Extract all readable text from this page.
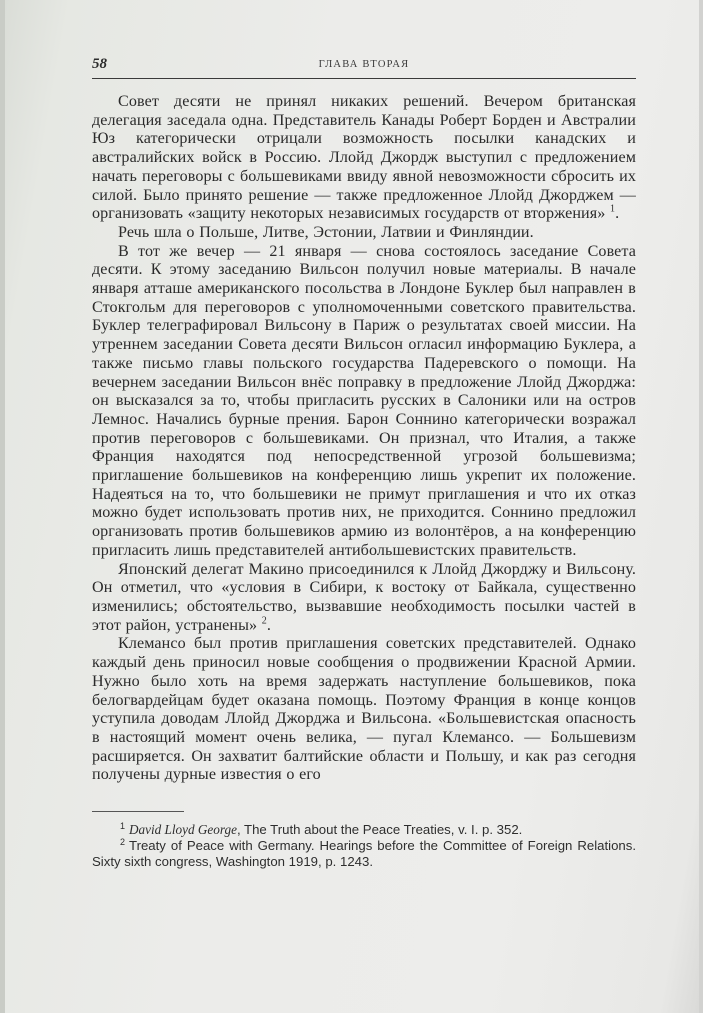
58	ГЛАВА ВТОРАЯ

Совет десяти не принял никаких решений. Вечером британская делегация заседала одна. Представитель Канады Роберт Борден и Австралии Юз категорически отрицали возможность посылки канадских и австралийских войск в Россию. Ллойд Джордж выступил с предложением начать переговоры с большевиками ввиду явной невозможности сбросить их силой. Было принято решение — также предложенное Ллойд Джорджем — организовать «защиту некоторых независимых государств от вторжения» $^1$.

Речь шла о Польше, Литве, Эстонии, Латвии и Финляндии.

В тот же вечер — 21 января — снова состоялось заседание Совета десяти. К этому заседанию Вильсон получил новые материалы. В начале января атташе американского посольства в Лондоне Буклер был направлен в Стокгольм для переговоров с уполномоченными советского правительства. Буклер телеграфировал Вильсону в Париж о результатах своей миссии. На утреннем заседании Совета десяти Вильсон огласил информацию Буклера, а также письмо главы польского государства Падеревского о помощи. На вечернем заседании Вильсон внёс поправку в предложение Ллойд Джорджа: он высказался за то, чтобы пригласить русских в Салоники или на остров Лемнос. Начались бурные прения. Барон Соннино категорически возражал против переговоров с большевиками. Он признал, что Италия, а также Франция находятся под непосредственной угрозой большевизма; приглашение большевиков на конференцию лишь укрепит их положение. Надеяться на то, что большевики не примут приглашения и что их отказ можно будет использовать против них, не приходится. Соннино предложил организовать против большевиков армию из волонтёров, а на конференцию пригласить лишь представителей антибольшевистских правительств.

Японский делегат Макино присоединился к Ллойд Джорджу и Вильсону. Он отметил, что «условия в Сибири, к востоку от Байкала, существенно изменились; обстоятельство, вызвавшие необходимость посылки частей в этот район, устранены» $^2$.

Клемансо был против приглашения советских представителей. Однако каждый день приносил новые сообщения о продвижении Красной Армии. Нужно было хоть на время задержать наступление большевиков, пока белогвардейцам будет оказана помощь. Поэтому Франция в конце концов уступила доводам Ллойд Джорджа и Вильсона. «Большевистская опасность в настоящий момент очень велика, — пугал Клемансо. — Большевизм расширяется. Он захватит балтийские области и Польшу, и как раз сегодня получены дурные известия о его

$^1$ David Lloyd George, The Truth about the Peace Treaties, v. I. p. 352.

$^2$ Treaty of Peace with Germany. Hearings before the Committee of Foreign Relations. Sixty sixth congress, Washington 1919, p. 1243.
